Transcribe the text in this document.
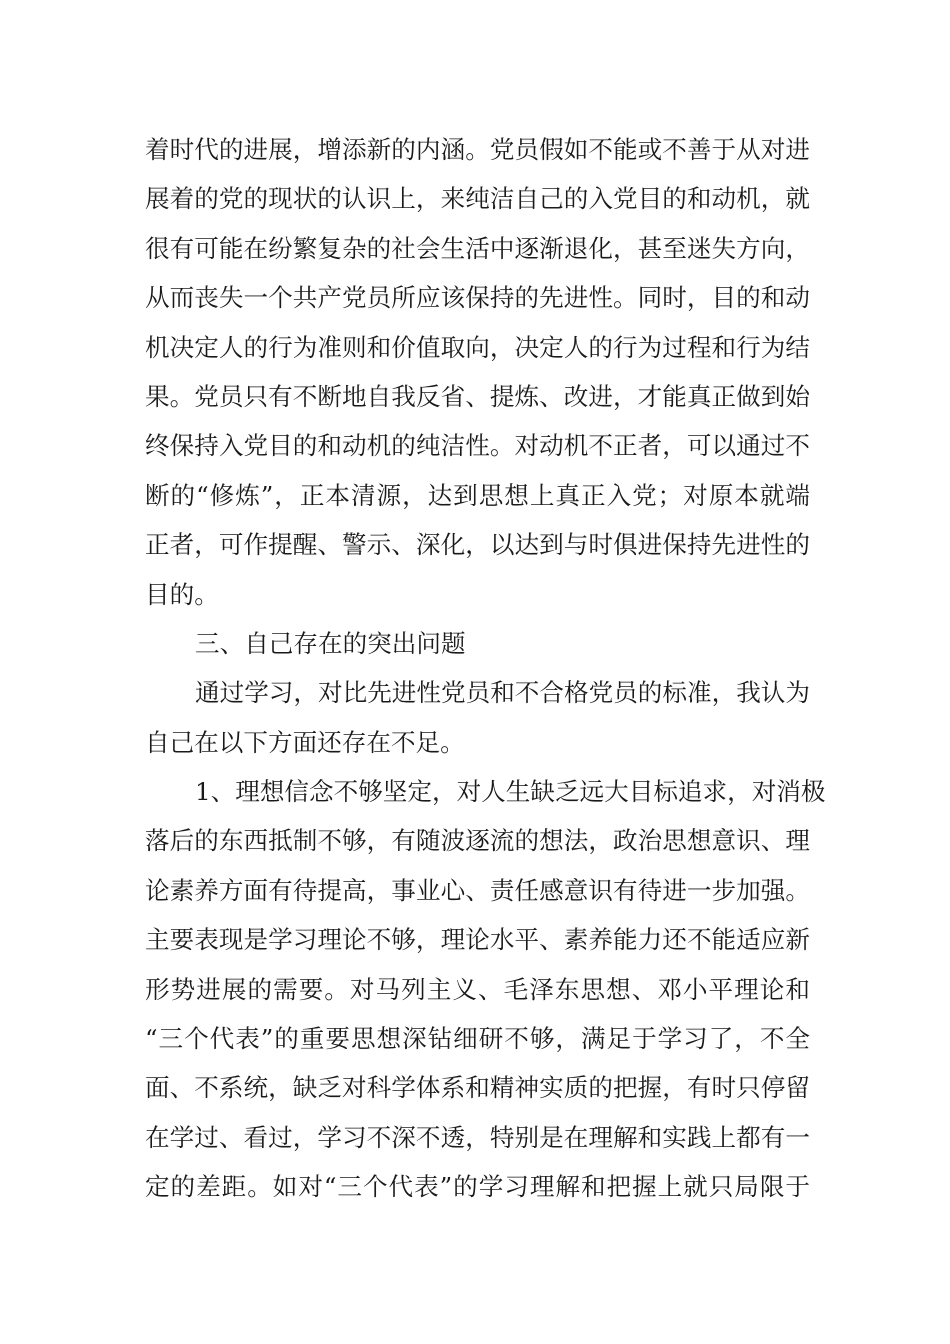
着时代的进展，增添新的内涵。党员假如不能或不善于从对进
展着的党的现状的认识上，来纯洁自己的入党目的和动机，就
很有可能在纷繁复杂的社会生活中逐渐退化，甚至迷失方向，
从而丧失一个共产党员所应该保持的先进性。同时，目的和动
机决定人的行为准则和价值取向，决定人的行为过程和行为结
果。党员只有不断地自我反省、提炼、改进，才能真正做到始
终保持入党目的和动机的纯洁性。对动机不正者，可以通过不
断的“修炼”，正本清源，达到思想上真正入党；对原本就端
正者，可作提醒、警示、深化，以达到与时俱进保持先进性的
目的。
三、自己存在的突出问题
通过学习，对比先进性党员和不合格党员的标准，我认为
自己在以下方面还存在不足。
1、理想信念不够坚定，对人生缺乏远大目标追求，对消极
落后的东西抵制不够，有随波逐流的想法，政治思想意识、理
论素养方面有待提高，事业心、责任感意识有待进一步加强。
主要表现是学习理论不够，理论水平、素养能力还不能适应新
形势进展的需要。对马列主义、毛泽东思想、邓小平理论和
“三个代表”的重要思想深钻细研不够，满足于学习了，不全
面、不系统，缺乏对科学体系和精神实质的把握，有时只停留
在学过、看过，学习不深不透，特别是在理解和实践上都有一
定的差距。如对“三个代表”的学习理解和把握上就只局限于
